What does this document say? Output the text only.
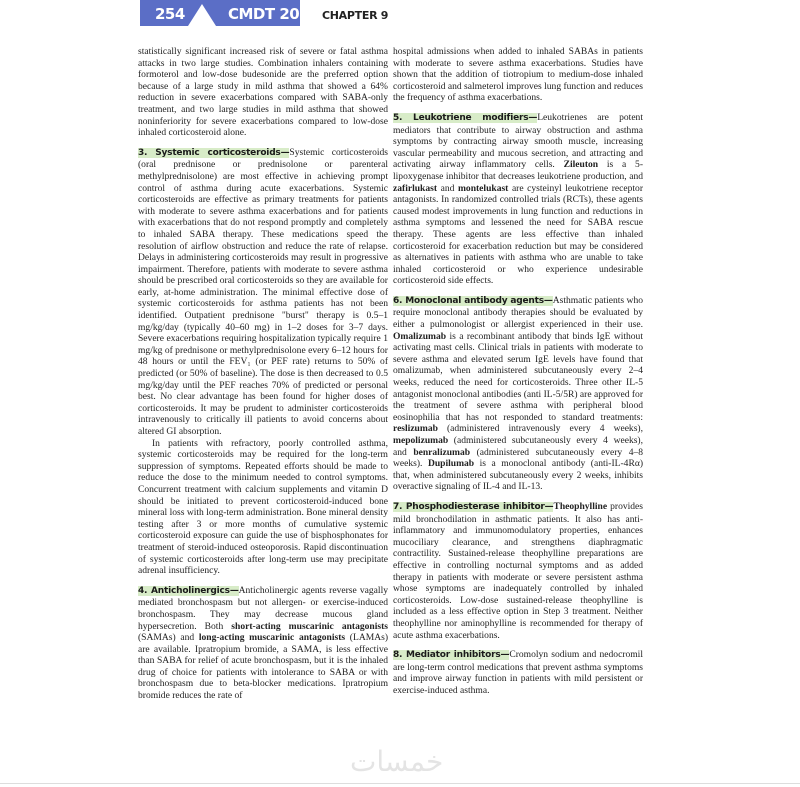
254	CMDT 2023 CHAPTER 9

statistically significant increased risk of severe or fatal asthma attacks in two large studies. Combination inhalers containing formoterol and low-dose budesonide are the preferred option because of a large study in mild asthma that showed a 64% reduction in severe exacerbations compared with SABA-only treatment, and two large studies in mild asthma that showed noninferiority for severe exacerbations compared to low-dose inhaled corticosteroid alone.

3. Systemic corticosteroids—Systemic corticosteroids (oral prednisone or prednisolone or parenteral methylprednisolone) are most effective in achieving prompt control of asthma during acute exacerbations. Systemic corticosteroids are effective as primary treatments for patients with moderate to severe asthma exacerbations and for patients with exacerbations that do not respond promptly and completely to inhaled SABA therapy. These medications speed the resolution of airflow obstruction and reduce the rate of relapse. Delays in administering corticosteroids may result in progressive impairment. Therefore, patients with moderate to severe asthma should be prescribed oral corticosteroids so they are available for early, at-home administration. The minimal effective dose of systemic corticosteroids for asthma patients has not been identified. Outpatient prednisone "burst" therapy is 0.5–1 mg/kg/day (typically 40–60 mg) in 1–2 doses for 3–7 days. Severe exacerbations requiring hospitalization typically require 1 mg/kg of prednisone or methylprednisolone every 6–12 hours for 48 hours or until the FEV₁ (or PEF rate) returns to 50% of predicted (or 50% of baseline). The dose is then decreased to 0.5 mg/kg/day until the PEF reaches 70% of predicted or personal best. No clear advantage has been found for higher doses of corticosteroids. It may be prudent to administer corticosteroids intravenously to critically ill patients to avoid concerns about altered GI absorption.

In patients with refractory, poorly controlled asthma, systemic corticosteroids may be required for the long-term suppression of symptoms. Repeated efforts should be made to reduce the dose to the minimum needed to control symptoms. Concurrent treatment with calcium supplements and vitamin D should be initiated to prevent corticosteroid-induced bone mineral loss with long-term administration. Bone mineral density testing after 3 or more months of cumulative systemic corticosteroid exposure can guide the use of bisphosphonates for treatment of steroid-induced osteoporosis. Rapid discontinuation of systemic corticosteroids after long-term use may precipitate adrenal insufficiency.

4. Anticholinergics—Anticholinergic agents reverse vagally mediated bronchospasm but not allergen- or exercise-induced bronchospasm. They may decrease mucous gland hypersecretion. Both short-acting muscarinic antagonists (SAMAs) and long-acting muscarinic antagonists (LAMAs) are available. Ipratropium bromide, a SAMA, is less effective than SABA for relief of acute bronchospasm, but it is the inhaled drug of choice for patients with intolerance to SABA or with bronchospasm due to beta-blocker medications. Ipratropium bromide reduces the rate of

hospital admissions when added to inhaled SABAs in patients with moderate to severe asthma exacerbations. Studies have shown that the addition of tiotropium to medium-dose inhaled corticosteroid and salmeterol improves lung function and reduces the frequency of asthma exacerbations.

5. Leukotriene modifiers—Leukotrienes are potent mediators that contribute to airway obstruction and asthma symptoms by contracting airway smooth muscle, increasing vascular permeability and mucous secretion, and attracting and activating airway inflammatory cells. Zileuton is a 5-lipoxygenase inhibitor that decreases leukotriene production, and zafirlukast and montelukast are cysteinyl leukotriene receptor antagonists. In randomized controlled trials (RCTs), these agents caused modest improvements in lung function and reductions in asthma symptoms and lessened the need for SABA rescue therapy. These agents are less effective than inhaled corticosteroid for exacerbation reduction but may be considered as alternatives in patients with asthma who are unable to take inhaled corticosteroid or who experience undesirable corticosteroid side effects.

6. Monoclonal antibody agents—Asthmatic patients who require monoclonal antibody therapies should be evaluated by either a pulmonologist or allergist experienced in their use. Omalizumab is a recombinant antibody that binds IgE without activating mast cells. Clinical trials in patients with moderate to severe asthma and elevated serum IgE levels have found that omalizumab, when administered subcutaneously every 2–4 weeks, reduced the need for corticosteroids. Three other IL-5 antagonist monoclonal antibodies (anti IL-5/5R) are approved for the treatment of severe asthma with peripheral blood eosinophilia that has not responded to standard treatments: reslizumab (administered intravenously every 4 weeks), mepolizumab (administered subcutaneously every 4 weeks), and benralizumab (administered subcutaneously every 4–8 weeks). Dupilumab is a monoclonal antibody (anti-IL-4Rα) that, when administered subcutaneously every 2 weeks, inhibits overactive signaling of IL-4 and IL-13.

7. Phosphodiesterase inhibitor—Theophylline provides mild bronchodilation in asthmatic patients. It also has anti-inflammatory and immunomodulatory properties, enhances mucociliary clearance, and strengthens diaphragmatic contractility. Sustained-release theophylline preparations are effective in controlling nocturnal symptoms and as added therapy in patients with moderate or severe persistent asthma whose symptoms are inadequately controlled by inhaled corticosteroids. Low-dose sustained-release theophylline is included as a less effective option in Step 3 treatment. Neither theophylline nor aminophylline is recommended for therapy of acute asthma exacerbations.

8. Mediator inhibitors—Cromolyn sodium and nedocromil are long-term control medications that prevent asthma symptoms and improve airway function in patients with mild persistent or exercise-induced asthma.

خمسات
